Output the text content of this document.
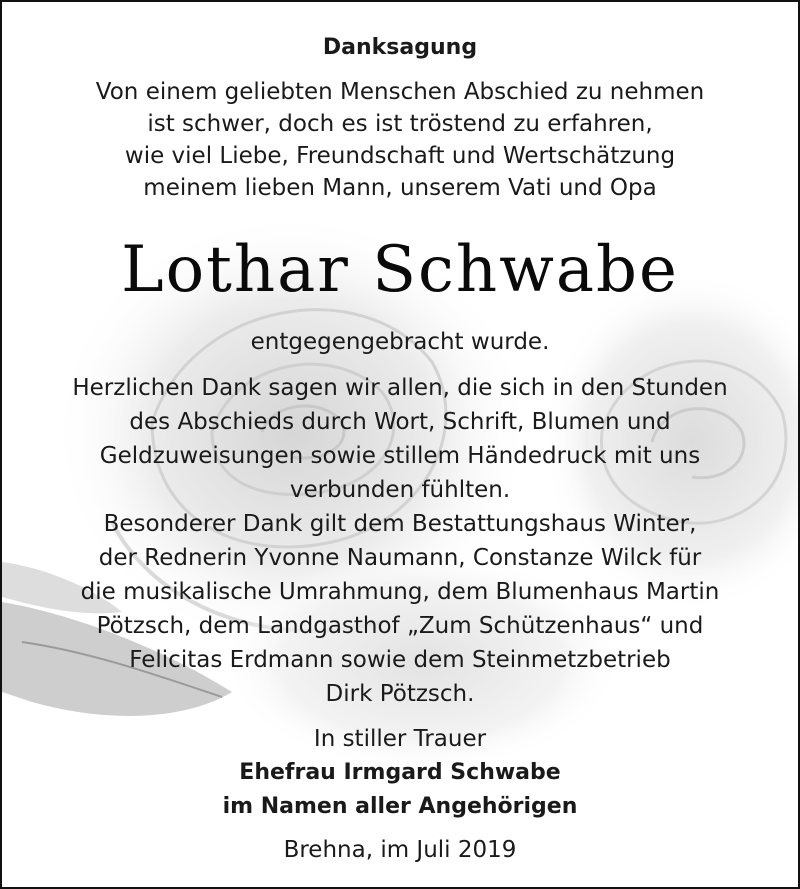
Danksagung
Von einem geliebten Menschen Abschied zu nehmen
ist schwer, doch es ist tröstend zu erfahren,
wie viel Liebe, Freundschaft und Wertschätzung
meinem lieben Mann, unserem Vati und Opa
Lothar Schwabe
entgegengebracht wurde.
Herzlichen Dank sagen wir allen, die sich in den Stunden
des Abschieds durch Wort, Schrift, Blumen und
Geldzuweisungen sowie stillem Händedruck mit uns
verbunden fühlten.
Besonderer Dank gilt dem Bestattungshaus Winter,
der Rednerin Yvonne Naumann, Constanze Wilck für
die musikalische Umrahmung, dem Blumenhaus Martin
Pötzsch, dem Landgasthof „Zum Schützenhaus“ und
Felicitas Erdmann sowie dem Steinmetzbetrieb
Dirk Pötzsch.
In stiller Trauer
Ehefrau Irmgard Schwabe
im Namen aller Angehörigen
Brehna, im Juli 2019
